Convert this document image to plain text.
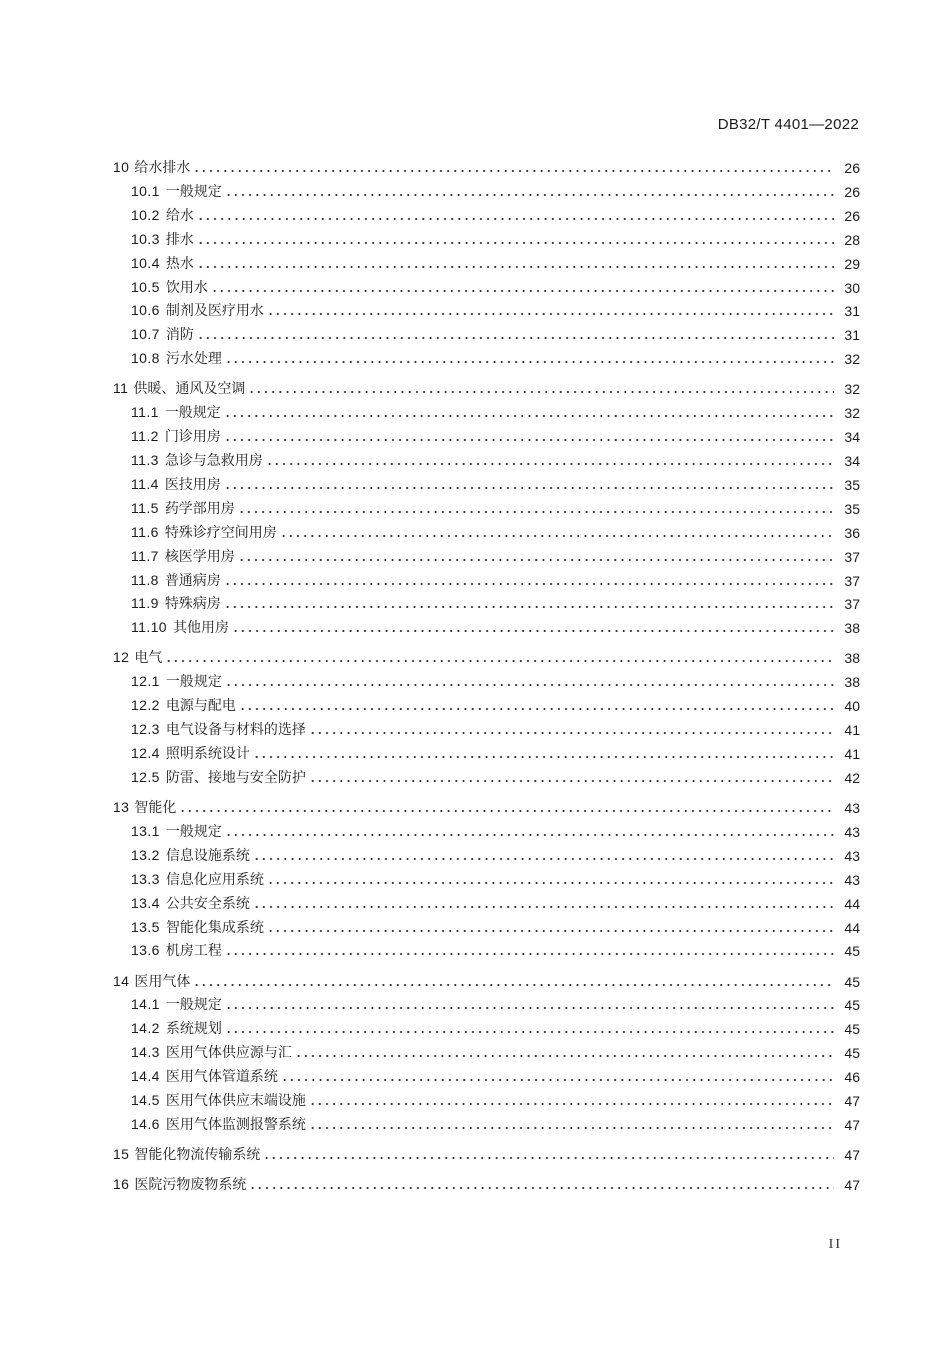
DB32/T 4401—2022
10 给水排水	26
10.1 一般规定	26
10.2 给水	26
10.3 排水	28
10.4 热水	29
10.5 饮用水	30
10.6 制剂及医疗用水	31
10.7 消防	31
10.8 污水处理	32
11 供暖、通风及空调	32
11.1 一般规定	32
11.2 门诊用房	34
11.3 急诊与急救用房	34
11.4 医技用房	35
11.5 药学部用房	35
11.6 特殊诊疗空间用房	36
11.7 核医学用房	37
11.8 普通病房	37
11.9 特殊病房	37
11.10 其他用房	38
12 电气	38
12.1 一般规定	38
12.2 电源与配电	40
12.3 电气设备与材料的选择	41
12.4 照明系统设计	41
12.5 防雷、接地与安全防护	42
13 智能化	43
13.1 一般规定	43
13.2 信息设施系统	43
13.3 信息化应用系统	43
13.4 公共安全系统	44
13.5 智能化集成系统	44
13.6 机房工程	45
14 医用气体	45
14.1 一般规定	45
14.2 系统规划	45
14.3 医用气体供应源与汇	45
14.4 医用气体管道系统	46
14.5 医用气体供应末端设施	47
14.6 医用气体监测报警系统	47
15 智能化物流传输系统	47
16 医院污物废物系统	47
II
